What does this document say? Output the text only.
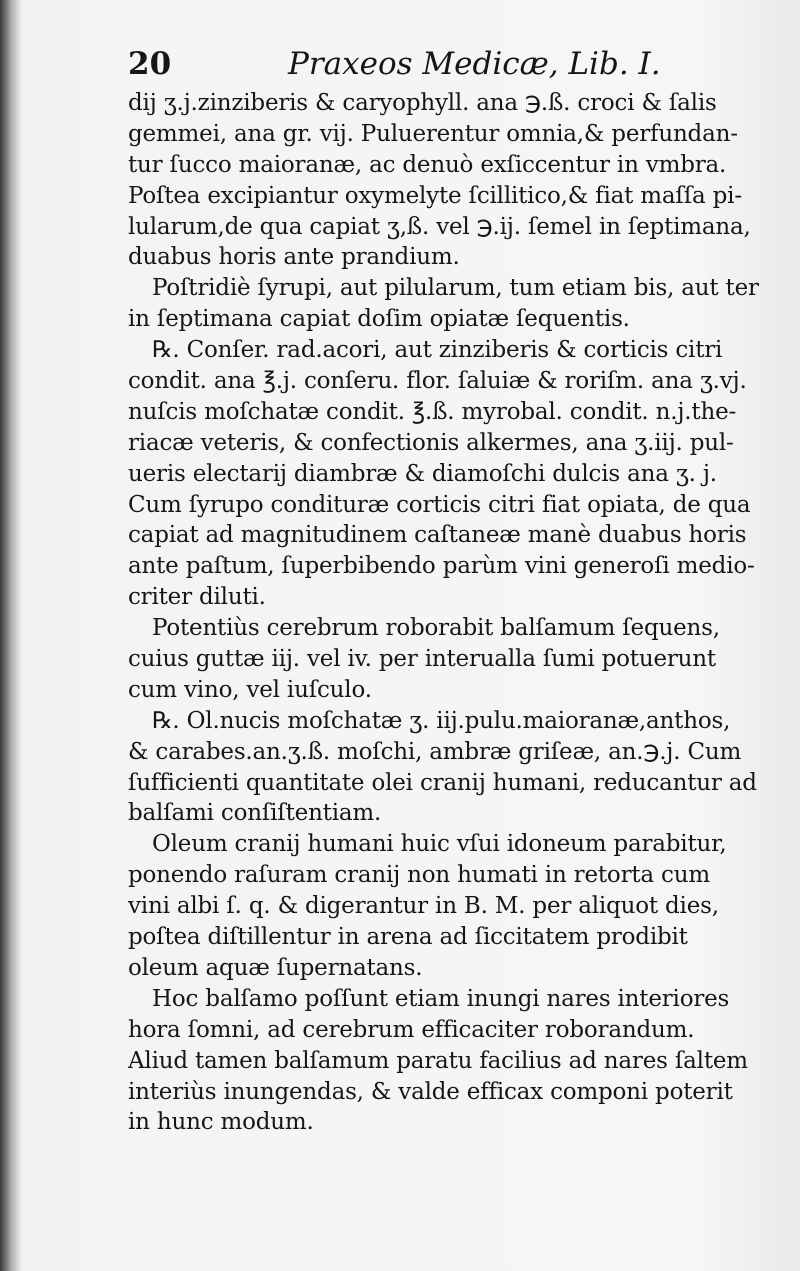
20	Praxeos Medicæ, Lib. I.
dij ʒ.j.zinziberis & caryophyll. ana ℈.ß. croci & ſalis
gemmei, ana gr. vij. Puluerentur omnia,& perfundan-
tur ſucco maioranæ, ac denuò exſiccentur in vmbra.
Poſtea excipiantur oxymelyte ſcillitico,& fiat maſſa pi-
lularum,de qua capiat ʒ,ß. vel ℈.ij. ſemel in ſeptimana,
duabus horis ante prandium.
Poſtridiè ſyrupi, aut pilularum, tum etiam bis, aut ter
in ſeptimana capiat doſim opiatæ ſequentis.
℞. Conſer. rad.acori, aut zinziberis & corticis citri
condit. ana ℥.j. conſeru. flor. ſaluiæ & roriſm. ana ʒ.vj.
nuſcis moſchatæ condit. ℥.ß. myrobal. condit. n.j.the-
riacæ veteris, & confectionis alkermes, ana ʒ.iij. pul-
ueris electarij diambræ & diamoſchi dulcis ana ʒ. j.
Cum ſyrupo condituræ corticis citri fiat opiata, de qua
capiat ad magnitudinem caſtaneæ manè duabus horis
ante paſtum, ſuperbibendo parùm vini generoſi medio-
criter diluti.
Potentiùs cerebrum roborabit balſamum ſequens,
cuius guttæ iij. vel iv. per interualla ſumi potuerunt
cum vino, vel iuſculo.
℞. Ol.nucis moſchatæ ʒ. iij.pulu.maioranæ,anthos,
& carabes.an.ʒ.ß. moſchi, ambræ griſeæ, an.℈.j. Cum
ſufficienti quantitate olei cranij humani, reducantur ad
balſami conſiſtentiam.
Oleum cranij humani huic vſui idoneum parabitur,
ponendo raſuram cranij non humati in retorta cum
vini albi ſ. q. & digerantur in B. M. per aliquot dies,
poſtea diſtillentur in arena ad ſiccitatem prodibit
oleum aquæ ſupernatans.
Hoc balſamo poſſunt etiam inungi nares interiores
hora ſomni, ad cerebrum efficaciter roborandum.
Aliud tamen balſamum paratu facilius ad nares ſaltem
interiùs inungendas, & valde efficax componi poterit
in hunc modum.
